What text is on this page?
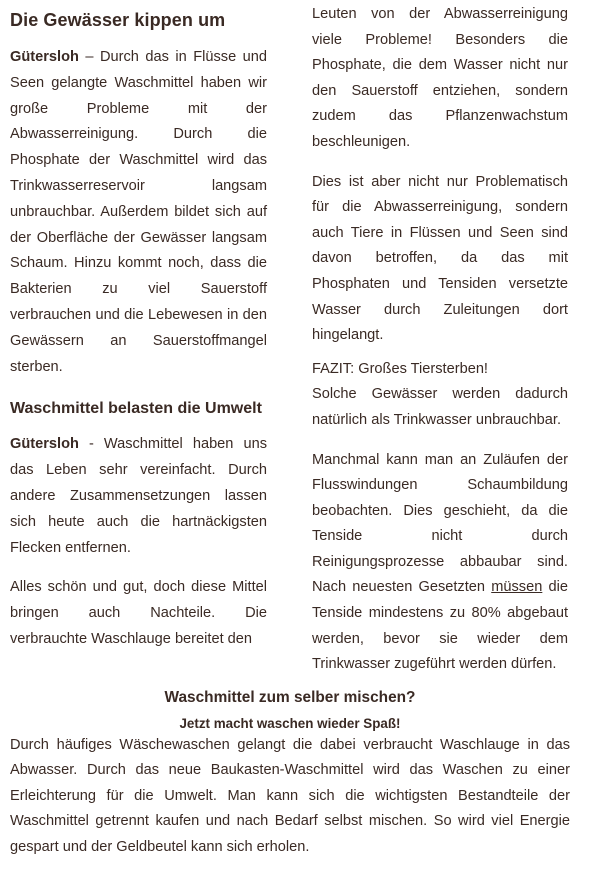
Die Gewässer kippen um

Gütersloh – Durch das in Flüsse und Seen gelangte Waschmittel haben wir große Probleme mit der Abwasserreinigung. Durch die Phosphate der Waschmittel wird das Trinkwasserreservoir langsam unbrauchbar. Außerdem bildet sich auf der Oberfläche der Gewässer langsam Schaum. Hinzu kommt noch, dass die Bakterien zu viel Sauerstoff verbrauchen und die Lebewesen in den Gewässern an Sauerstoffmangel sterben.

Waschmittel belasten die Umwelt

Gütersloh - Waschmittel haben uns das Leben sehr vereinfacht. Durch andere Zusammensetzungen lassen sich heute auch die hartnäckigsten Flecken entfernen.

Alles schön und gut, doch diese Mittel bringen auch Nachteile. Die verbrauchte Waschlauge bereitet den

Leuten von der Abwasserreinigung viele Probleme! Besonders die Phosphate, die dem Wasser nicht nur den Sauerstoff entziehen, sondern zudem das Pflanzenwachstum beschleunigen.

Dies ist aber nicht nur Problematisch für die Abwasserreinigung, sondern auch Tiere in Flüssen und Seen sind davon betroffen, da das mit Phosphaten und Tensiden versetzte Wasser durch Zuleitungen dort hingelangt.

FAZIT: Großes Tiersterben!

Solche Gewässer werden dadurch natürlich als Trinkwasser unbrauchbar.

Manchmal kann man an Zuläufen der Flusswindungen Schaumbildung beobachten. Dies geschieht, da die Tenside nicht durch Reinigungsprozesse abbaubar sind. Nach neuesten Gesetzten müssen die Tenside mindestens zu 80% abgebaut werden, bevor sie wieder dem Trinkwasser zugeführt werden dürfen.

Waschmittel zum selber mischen?
Jetzt macht waschen wieder Spaß!

Durch häufiges Wäschewaschen gelangt die dabei verbraucht Waschlauge in das Abwasser. Durch das neue Baukasten-Waschmittel wird das Waschen zu einer Erleichterung für die Umwelt. Man kann sich die wichtigsten Bestandteile der Waschmittel getrennt kaufen und nach Bedarf selbst mischen. So wird viel Energie gespart und der Geldbeutel kann sich erholen.
